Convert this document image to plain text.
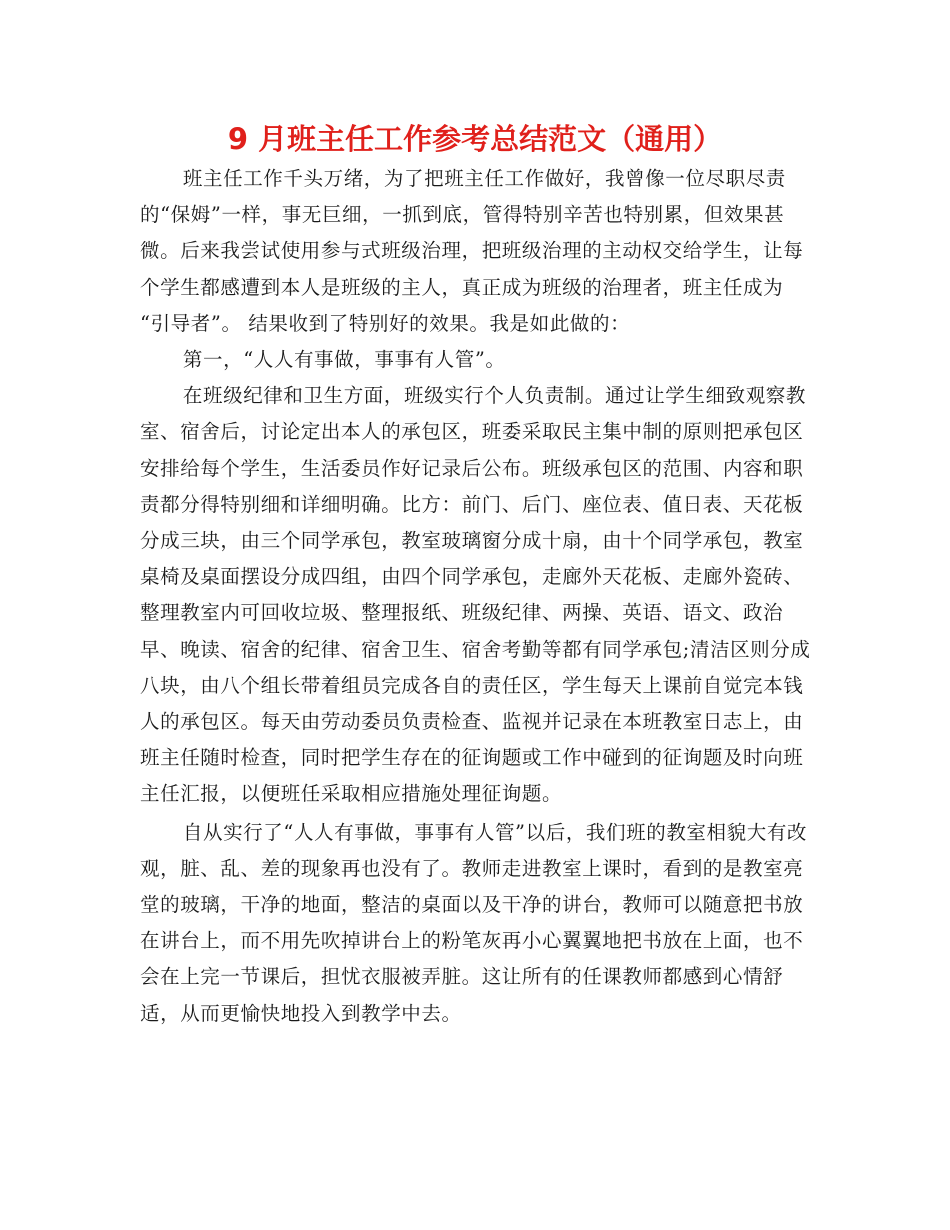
9 月班主任工作参考总结范文（通用）

班主任工作千头万绪，为了把班主任工作做好，我曾像一位尽职尽责的“保姆”一样，事无巨细，一抓到底，管得特别辛苦也特别累，但效果甚微。后来我尝试使用参与式班级治理，把班级治理的主动权交给学生，让每个学生都感遭到本人是班级的主人，真正成为班级的治理者，班主任成为 “引导者”。 结果收到了特别好的效果。我是如此做的：

第一，“人人有事做，事事有人管”。

在班级纪律和卫生方面，班级实行个人负责制。通过让学生细致观察教室、宿舍后，讨论定出本人的承包区，班委采取民主集中制的原则把承包区安排给每个学生，生活委员作好记录后公布。班级承包区的范围、内容和职责都分得特别细和详细明确。比方：前门、后门、座位表、值日表、天花板分成三块，由三个同学承包，教室玻璃窗分成十扇，由十个同学承包，教室桌椅及桌面摆设分成四组，由四个同学承包，走廊外天花板、走廊外瓷砖、整理教室内可回收垃圾、整理报纸、班级纪律、两操、英语、语文、政治早、晚读、宿舍的纪律、宿舍卫生、宿舍考勤等都有同学承包;清洁区则分成八块，由八个组长带着组员完成各自的责任区，学生每天上课前自觉完本钱人的承包区。每天由劳动委员负责检查、监视并记录在本班教室日志上，由班主任随时检查，同时把学生存在的征询题或工作中碰到的征询题及时向班主任汇报，以便班任采取相应措施处理征询题。

自从实行了“人人有事做，事事有人管”以后，我们班的教室相貌大有改观，脏、乱、差的现象再也没有了。教师走进教室上课时，看到的是教室亮堂的玻璃，干净的地面，整洁的桌面以及干净的讲台，教师可以随意把书放在讲台上，而不用先吹掉讲台上的粉笔灰再小心翼翼地把书放在上面，也不会在上完一节课后，担忧衣服被弄脏。这让所有的任课教师都感到心情舒适，从而更愉快地投入到教学中去。
